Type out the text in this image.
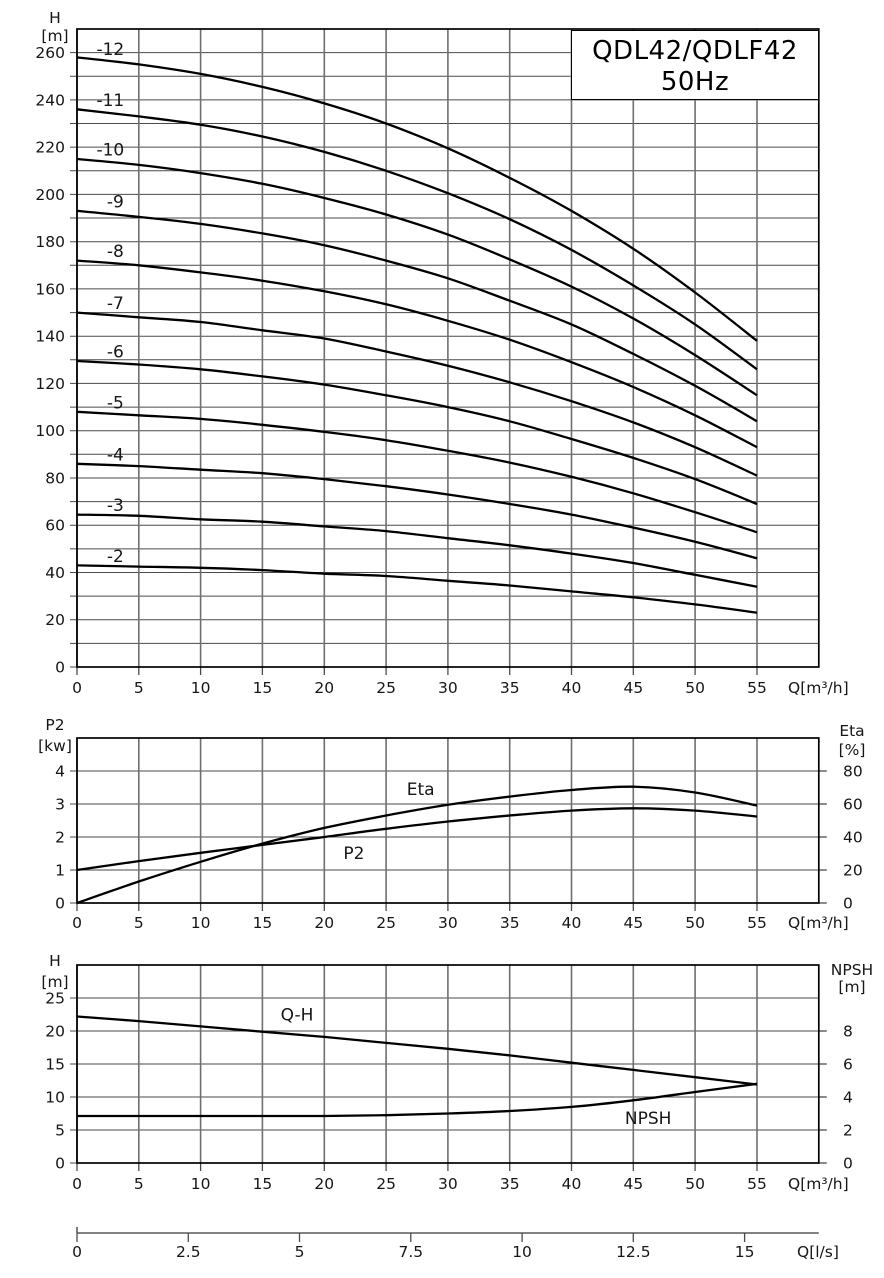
0	5	10	15	20	25	30	35	40	45	50	55 Q[m³/h]
0
20
40
60
80
100
120
140
160
180
200
220
240
260
H
[m]
-12
-11
-10
-9
-8
-7
-6
-5
-4
-3
-2
0	5	10	15	20	25	30	35	40	45	50	55 Q[m³/h]
0
1
2
3
4
P2
[kw]
0
20
40
60
80
Eta
[%]
Eta
P2
0	5	10	15	20	25	30	35	40	45	50	55 Q[m³/h]
0
5
10
15
20
25
H
[m]
0
2
4
6
8
NPSH
[m]
Q-H
NPSH
0	2.5	5	7.5	10	12.5	15	Q[l/s]
QDL42/QDLF42
50Hz
